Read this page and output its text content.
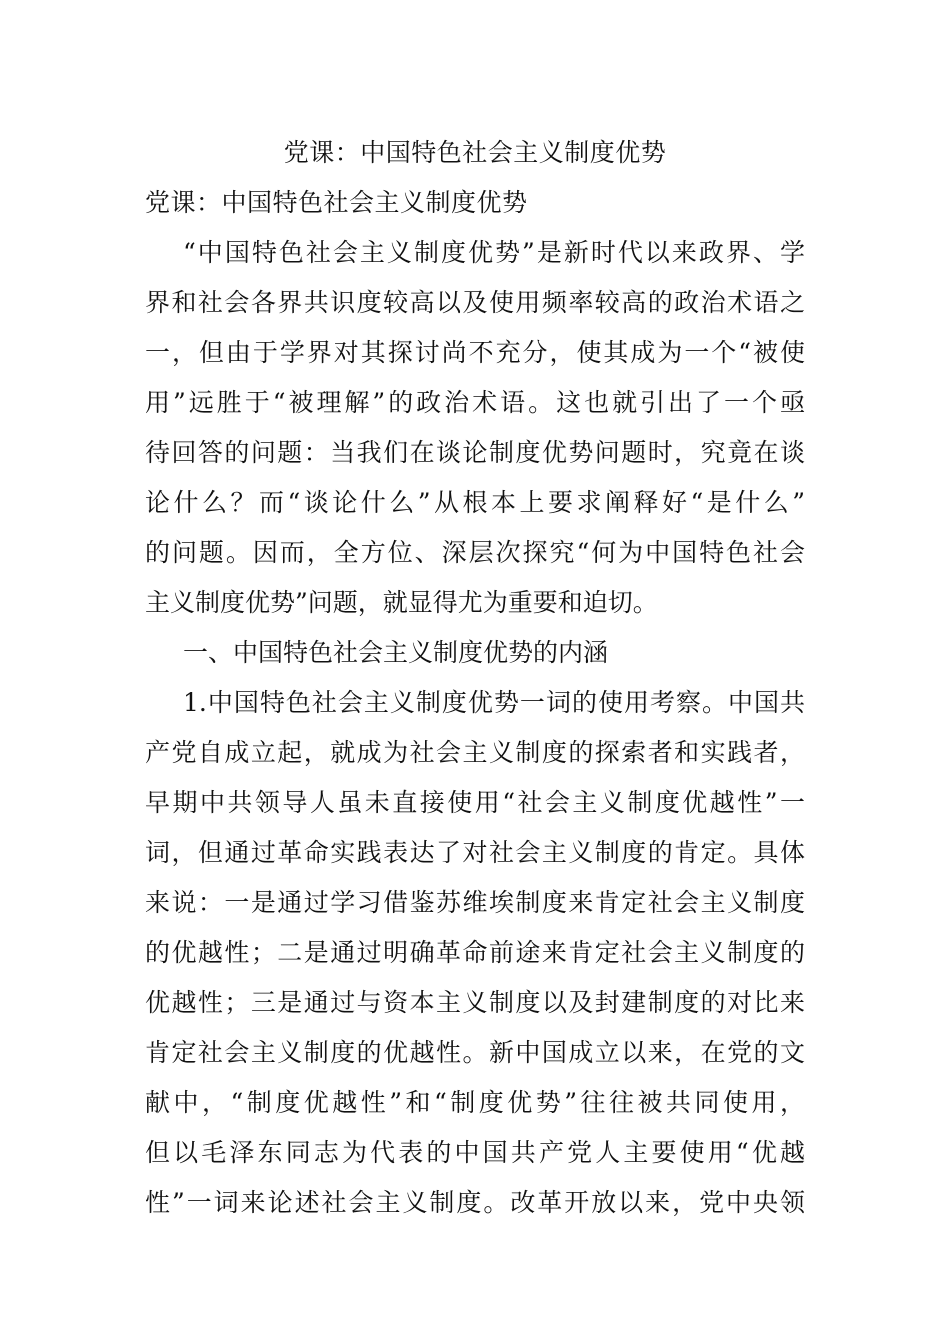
党课：中国特色社会主义制度优势
党课：中国特色社会主义制度优势
“中国特色社会主义制度优势”是新时代以来政界、学
界和社会各界共识度较高以及使用频率较高的政治术语之
一，但由于学界对其探讨尚不充分，使其成为一个“被使
用”远胜于“被理解”的政治术语。这也就引出了一个亟
待回答的问题：当我们在谈论制度优势问题时，究竟在谈
论什么？而“谈论什么”从根本上要求阐释好“是什么”
的问题。因而，全方位、深层次探究“何为中国特色社会
主义制度优势”问题，就显得尤为重要和迫切。
一、中国特色社会主义制度优势的内涵
1.中国特色社会主义制度优势一词的使用考察。中国共
产党自成立起，就成为社会主义制度的探索者和实践者，
早期中共领导人虽未直接使用“社会主义制度优越性”一
词，但通过革命实践表达了对社会主义制度的肯定。具体
来说：一是通过学习借鉴苏维埃制度来肯定社会主义制度
的优越性；二是通过明确革命前途来肯定社会主义制度的
优越性；三是通过与资本主义制度以及封建制度的对比来
肯定社会主义制度的优越性。新中国成立以来，在党的文
献中，“制度优越性”和“制度优势”往往被共同使用，
但以毛泽东同志为代表的中国共产党人主要使用“优越
性”一词来论述社会主义制度。改革开放以来，党中央领
